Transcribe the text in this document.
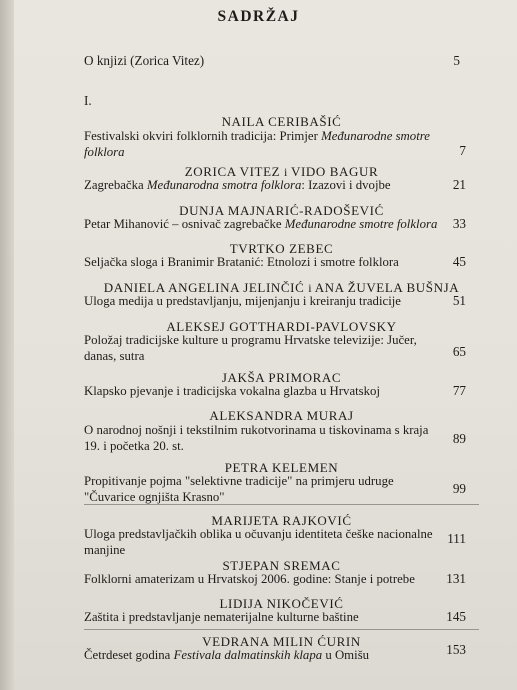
SADRŽAJ
O knjizi (Zorica Vitez)	5
I.
NAILA CERIBAŠIĆ
Festivalski okviri folklornih tradicija: Primjer Međunarodne smotre
folklora	7
ZORICA VITEZ i VIDO BAGUR
Zagrebačka Međunarodna smotra folklora: Izazovi i dvojbe	21
DUNJA MAJNARIĆ-RADOŠEVIĆ
Petar Mihanović – osnivač zagrebačke Međunarodne smotre folklora	33
TVRTKO ZEBEC
Seljačka sloga i Branimir Bratanić: Etnolozi i smotre folklora	45
DANIELA ANGELINA JELINČIĆ i ANA ŽUVELA BUŠNJA
Uloga medija u predstavljanju, mijenjanju i kreiranju tradicije	51
ALEKSEJ GOTTHARDI-PAVLOVSKY
Položaj tradicijske kulture u programu Hrvatske televizije: Jučer,
danas, sutra	65
JAKŠA PRIMORAC
Klapsko pjevanje i tradicijska vokalna glazba u Hrvatskoj	77
ALEKSANDRA MURAJ
O narodnoj nošnji i tekstilnim rukotvorinama u tiskovinama s kraja
19. i početka 20. st.	89
PETRA KELEMEN
Propitivanje pojma "selektivne tradicije" na primjeru udruge
"Čuvarice ognjišta Krasno"
99
MARIJETA RAJKOVIĆ
Uloga predstavljačkih oblika u očuvanju identiteta češke nacionalne
manjine
111
STJEPAN SREMAC
Folklorni amaterizam u Hrvatskoj 2006. godine: Stanje i potrebe	131
LIDIJA NIKOČEVIĆ
Zaštita i predstavljanje nematerijalne kulturne baštine	145
VEDRANA MILIN ĆURIN
Četrdeset godina Festivala dalmatinskih klapa u Omišu	153
